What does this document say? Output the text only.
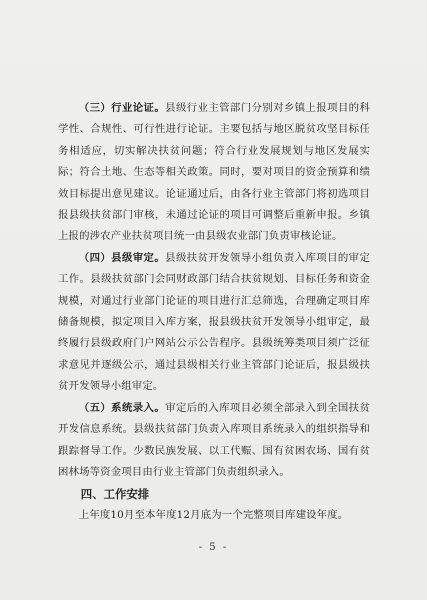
（三）行业论证。县级行业主管部门分别对乡镇上报项目的科学性、合规性、可行性进行论证。主要包括与地区脱贫攻坚目标任务相适应，切实解决扶贫问题；符合行业发展规划与地区发展实际；符合土地、生态等相关政策。同时，要对项目的资金预算和绩效目标提出意见建议。论证通过后，由各行业主管部门将初选项目报县级扶贫部门审核，未通过论证的项目可调整后重新申报。乡镇上报的涉农产业扶贫项目统一由县级农业部门负责审核论证。

（四）县级审定。县级扶贫开发领导小组负责入库项目的审定工作。县级扶贫部门会同财政部门结合扶贫规划、目标任务和资金规模，对通过行业部门论证的项目进行汇总筛选，合理确定项目库储备规模，拟定项目入库方案，报县级扶贫开发领导小组审定，最终履行县级政府门户网站公示公告程序。县级统筹类项目须广泛征求意见并逐级公示，通过县级相关行业主管部门论证后，报县级扶贫开发领导小组审定。

（五）系统录入。审定后的入库项目必须全部录入到全国扶贫开发信息系统。县级扶贫部门负责入库项目系统录入的组织指导和跟踪督导工作。少数民族发展、以工代赈、国有贫困农场、国有贫困林场等资金项目由行业主管部门负责组织录入。

四、工作安排

上年度10月至本年度12月底为一个完整项目库建设年度。

- 5 -
